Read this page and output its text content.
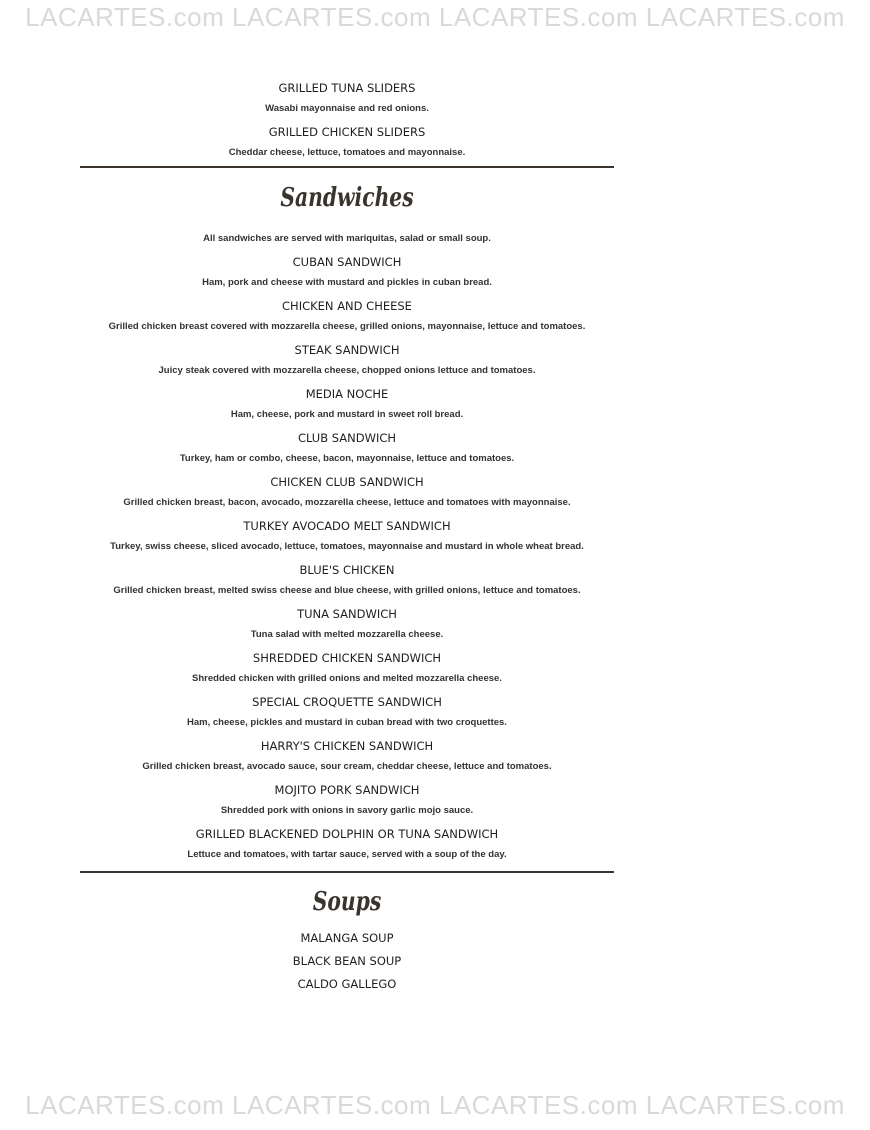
LACARTES.com LACARTES.com LACARTES.com LACARTES.com

GRILLED TUNA SLIDERS

Wasabi mayonnaise and red onions.

GRILLED CHICKEN SLIDERS

Cheddar cheese, lettuce, tomatoes and mayonnaise.

Sandwiches

All sandwiches are served with mariquitas, salad or small soup.

CUBAN SANDWICH

Ham, pork and cheese with mustard and pickles in cuban bread.

CHICKEN AND CHEESE

Grilled chicken breast covered with mozzarella cheese, grilled onions, mayonnaise, lettuce and tomatoes.

STEAK SANDWICH

Juicy steak covered with mozzarella cheese, chopped onions lettuce and tomatoes.

MEDIA NOCHE

Ham, cheese, pork and mustard in sweet roll bread.

CLUB SANDWICH

Turkey, ham or combo, cheese, bacon, mayonnaise, lettuce and tomatoes.

CHICKEN CLUB SANDWICH

Grilled chicken breast, bacon, avocado, mozzarella cheese, lettuce and tomatoes with mayonnaise.

TURKEY AVOCADO MELT SANDWICH

Turkey, swiss cheese, sliced avocado, lettuce, tomatoes, mayonnaise and mustard in whole wheat bread.

BLUE'S CHICKEN

Grilled chicken breast, melted swiss cheese and blue cheese, with grilled onions, lettuce and tomatoes.

TUNA SANDWICH

Tuna salad with melted mozzarella cheese.

SHREDDED CHICKEN SANDWICH

Shredded chicken with grilled onions and melted mozzarella cheese.

SPECIAL CROQUETTE SANDWICH

Ham, cheese, pickles and mustard in cuban bread with two croquettes.

HARRY'S CHICKEN SANDWICH

Grilled chicken breast, avocado sauce, sour cream, cheddar cheese, lettuce and tomatoes.

MOJITO PORK SANDWICH

Shredded pork with onions in savory garlic mojo sauce.

GRILLED BLACKENED DOLPHIN OR TUNA SANDWICH

Lettuce and tomatoes, with tartar sauce, served with a soup of the day.

Soups

MALANGA SOUP

BLACK BEAN SOUP

CALDO GALLEGO

LACARTES.com LACARTES.com LACARTES.com LACARTES.com
